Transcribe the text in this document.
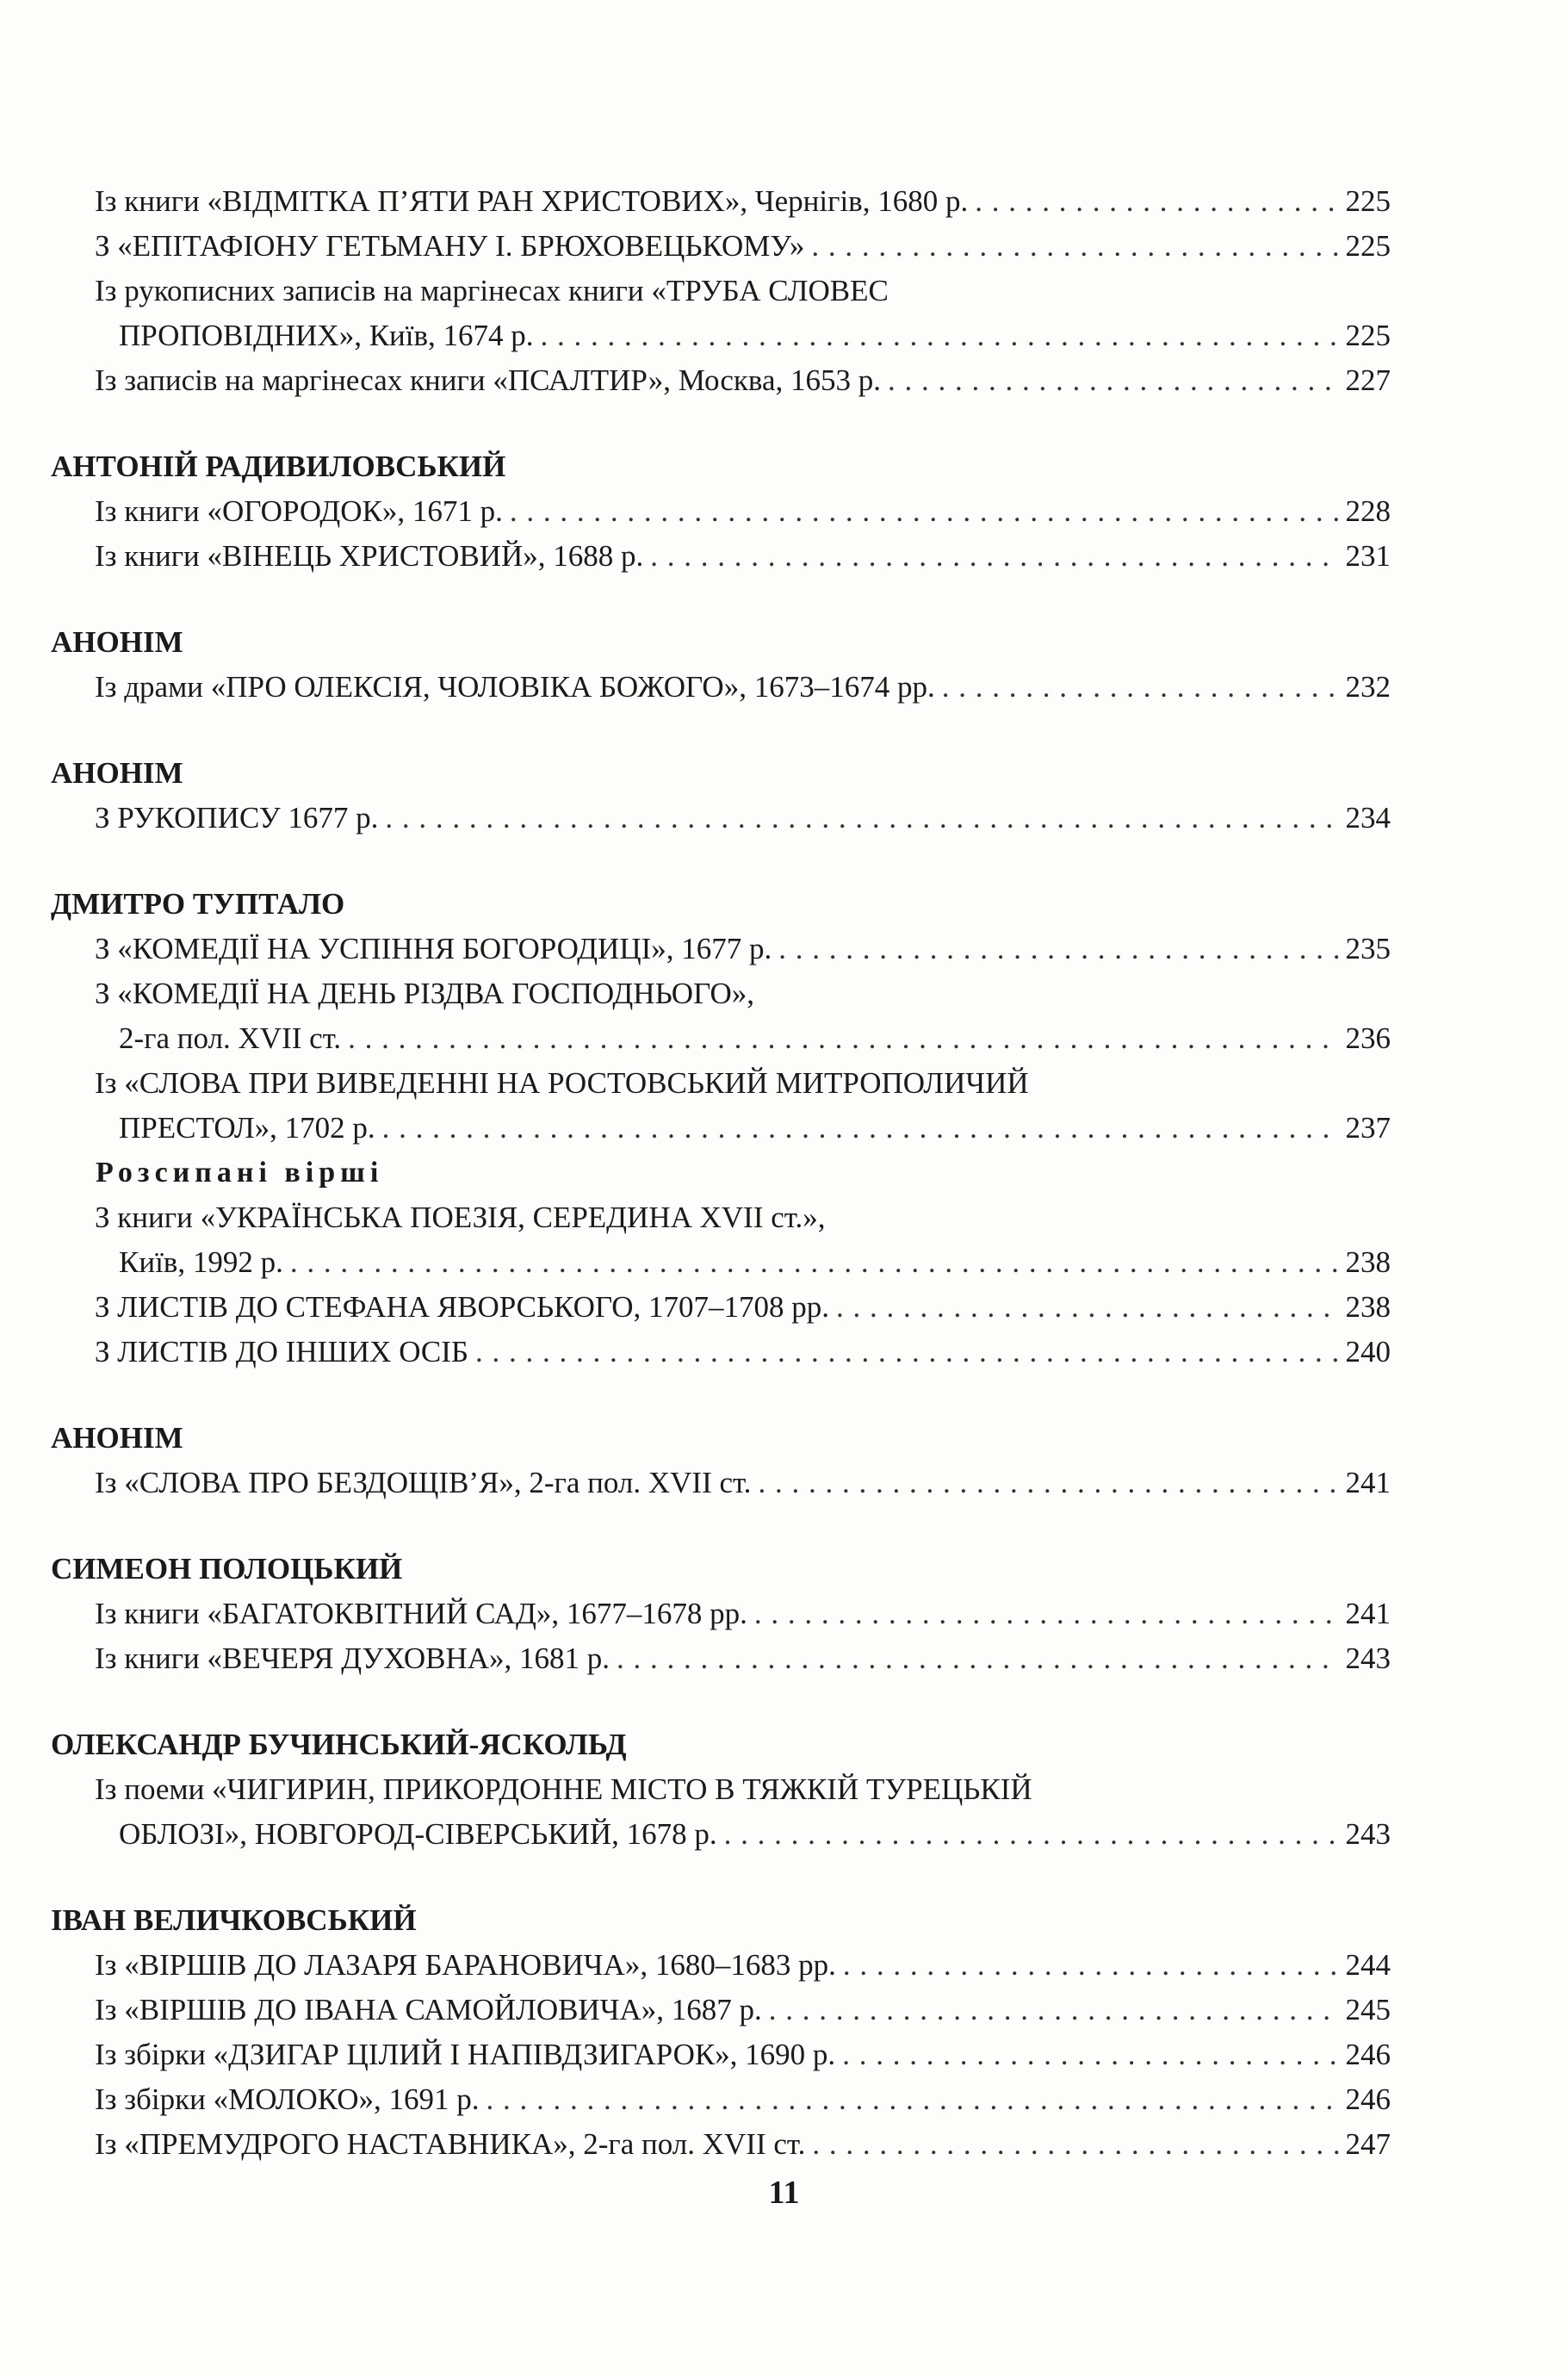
Із книги «ВІДМІТКА П’ЯТИ РАН ХРИСТОВИХ», Чернігів, 1680 р. . . .	225
З «ЕПІТАФІОНУ ГЕТЬМАНУ І. БРЮХОВЕЦЬКОМУ» . . .	225
Із рукописних записів на маргінесах книги «ТРУБА СЛОВЕС
ПРОПОВІДНИХ», Київ, 1674 р. . . .	225
Із записів на маргінесах книги «ПСАЛТИР», Москва, 1653 р. . . .	227
АНТОНІЙ РАДИВИЛОВСЬКИЙ
Із книги «ОГОРОДОК», 1671 р. . . .	228
Із книги «ВІНЕЦЬ ХРИСТОВИЙ», 1688 р. . . .	231
АНОНІМ
Із драми «ПРО ОЛЕКСІЯ, ЧОЛОВІКА БОЖОГО», 1673–1674 рр. . . .	232
АНОНІМ
З РУКОПИСУ 1677 р. . . .	234
ДМИТРО ТУПТАЛО
З «КОМЕДІЇ НА УСПІННЯ БОГОРОДИЦІ», 1677 р. . . .	235
З «КОМЕДІЇ НА ДЕНЬ РІЗДВА ГОСПОДНЬОГО»,
2-га пол. XVII ст. . . .	236
Із «СЛОВА ПРИ ВИВЕДЕННІ НА РОСТОВСЬКИЙ МИТРОПОЛИЧИЙ
ПРЕСТОЛ», 1702 р. . . .	237
Розсипані вірші
З книги «УКРАЇНСЬКА ПОЕЗІЯ, СЕРЕДИНА XVII ст.»,
Київ, 1992 р. . . .	238
З ЛИСТІВ ДО СТЕФАНА ЯВОРСЬКОГО, 1707–1708 рр. . . .	238
З ЛИСТІВ ДО ІНШИХ ОСІБ . . .	240
АНОНІМ
Із «СЛОВА ПРО БЕЗДОЩІВ’Я», 2-га пол. XVII ст. . . .	241
СИМЕОН ПОЛОЦЬКИЙ
Із книги «БАГАТОКВІТНИЙ САД», 1677–1678 рр. . . .	241
Із книги «ВЕЧЕРЯ ДУХОВНА», 1681 р. . . .	243
ОЛЕКСАНДР БУЧИНСЬКИЙ-ЯСКОЛЬД
Із поеми «ЧИГИРИН, ПРИКОРДОННЕ МІСТО В ТЯЖКІЙ ТУРЕЦЬКІЙ
ОБЛОЗІ», НОВГОРОД-СІВЕРСЬКИЙ, 1678 р. . . .	243
ІВАН ВЕЛИЧКОВСЬКИЙ
Із «ВІРШІВ ДО ЛАЗАРЯ БАРАНОВИЧА», 1680–1683 рр. . . .	244
Із «ВІРШІВ ДО ІВАНА САМОЙЛОВИЧА», 1687 р. . . .	245
Із збірки «ДЗИГАР ЦІЛИЙ І НАПІВДЗИГАРОК», 1690 р. . . .	246
Із збірки «МОЛОКО», 1691 р. . . .	246
Із «ПРЕМУДРОГО НАСТАВНИКА», 2-га пол. XVII ст. . . .	247
11
